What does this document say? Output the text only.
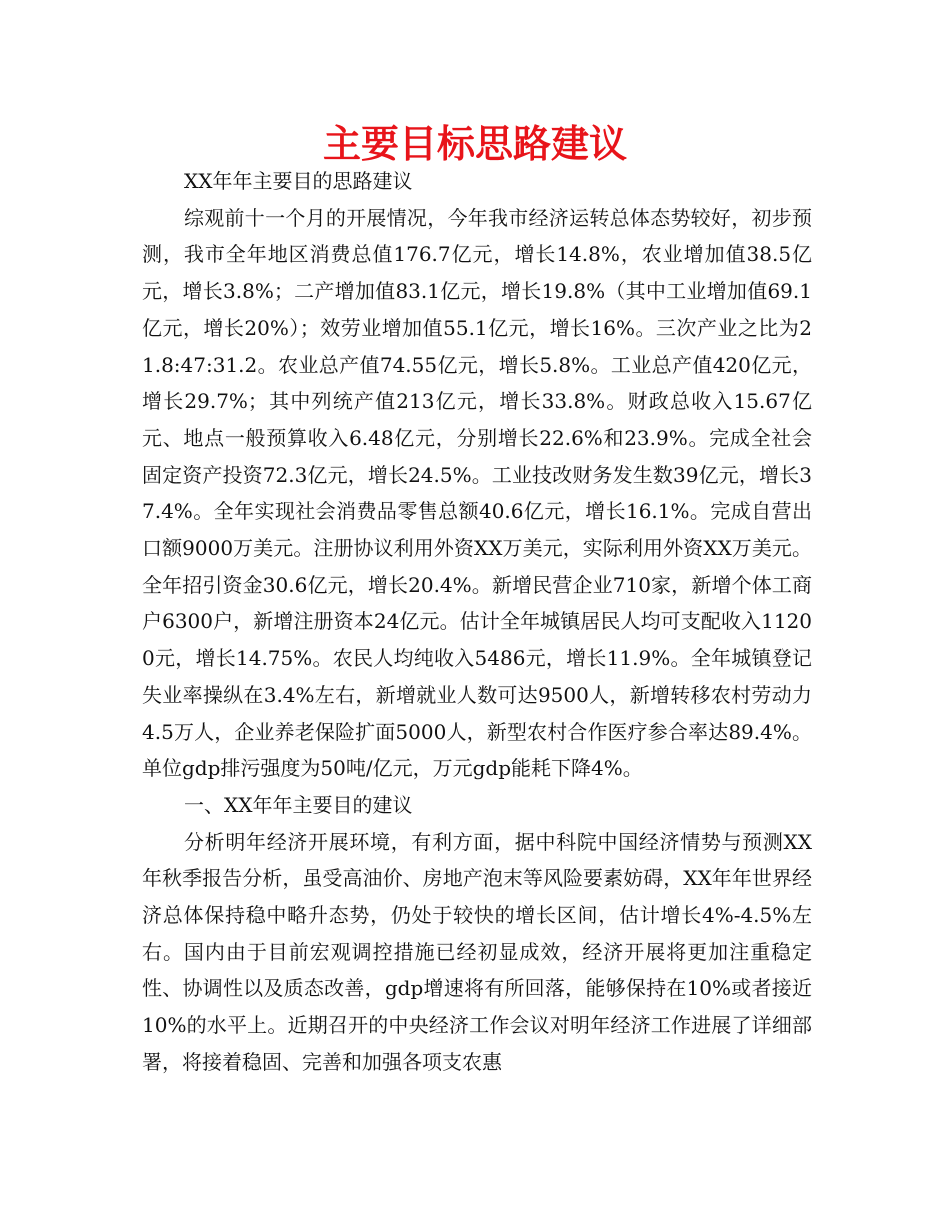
主要目标思路建议

XX年年主要目的思路建议

综观前十一个月的开展情况，今年我市经济运转总体态势较好，初步预测，我市全年地区消费总值176.7亿元，增长14.8%，农业增加值38.5亿元，增长3.8%；二产增加值83.1亿元，增长19.8%（其中工业增加值69.1亿元，增长20%）；效劳业增加值55.1亿元，增长16%。三次产业之比为21.8:47:31.2。农业总产值74.55亿元，增长5.8%。工业总产值420亿元，增长29.7%；其中列统产值213亿元，增长33.8%。财政总收入15.67亿元、地点一般预算收入6.48亿元，分别增长22.6%和23.9%。完成全社会固定资产投资72.3亿元，增长24.5%。工业技改财务发生数39亿元，增长37.4%。全年实现社会消费品零售总额40.6亿元，增长16.1%。完成自营出口额9000万美元。注册协议利用外资XX万美元，实际利用外资XX万美元。全年招引资金30.6亿元，增长20.4%。新增民营企业710家，新增个体工商户6300户，新增注册资本24亿元。估计全年城镇居民人均可支配收入11200元，增长14.75%。农民人均纯收入5486元，增长11.9%。全年城镇登记失业率操纵在3.4%左右，新增就业人数可达9500人，新增转移农村劳动力4.5万人，企业养老保险扩面5000人，新型农村合作医疗参合率达89.4%。单位gdp排污强度为50吨/亿元，万元gdp能耗下降4%。

一、XX年年主要目的建议

分析明年经济开展环境，有利方面，据中科院中国经济情势与预测XX年秋季报告分析，虽受高油价、房地产泡末等风险要素妨碍，XX年年世界经济总体保持稳中略升态势，仍处于较快的增长区间，估计增长4%-4.5%左右。国内由于目前宏观调控措施已经初显成效，经济开展将更加注重稳定性、协调性以及质态改善，gdp增速将有所回落，能够保持在10%或者接近10%的水平上。近期召开的中央经济工作会议对明年经济工作进展了详细部署，将接着稳固、完善和加强各项支农惠
